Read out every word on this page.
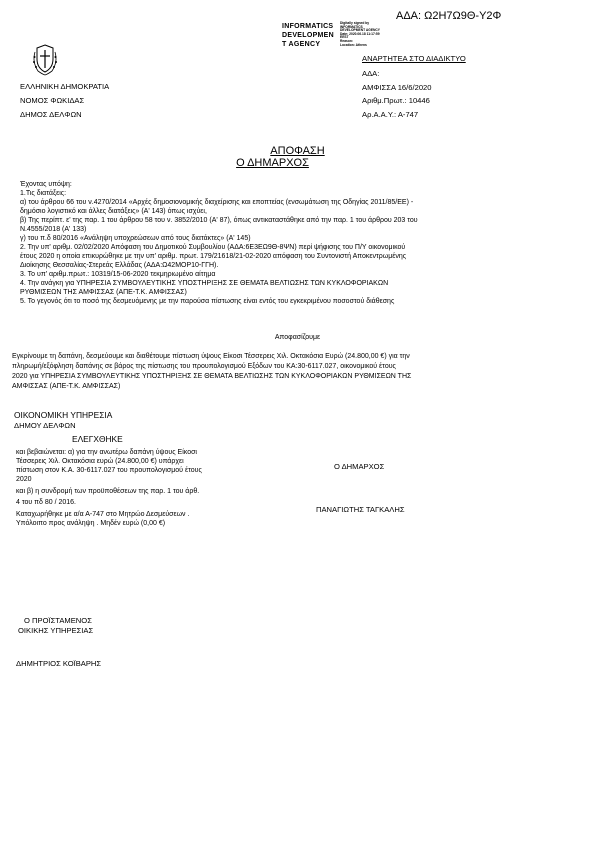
ΑΔΑ: Ω2Η7Ω9Θ-Υ2Φ
INFORMATICS
DEVELOPMEN
T AGENCY
Digitally signed by
INFORMATICS
DEVELOPMENT AGENCY
Date: 2020.06.18 11:17:59
EEST
Reason:
Location: Athens
ΕΛΛΗΝΙΚΗ ΔΗΜΟΚΡΑΤΙΑ
ΝΟΜΟΣ ΦΩΚΙΔΑΣ
ΔΗΜΟΣ ΔΕΛΦΩΝ
ΑΝΑΡΤΗΤΕΑ ΣΤΟ ΔΙΑΔΙΚΤΥΟ
ΑΔΑ:
ΑΜΦΙΣΣΑ 16/6/2020
Αριθμ.Πρωτ.: 10446
Αρ.Α.Α.Υ.: Α-747
ΑΠΟΦΑΣΗ
Ο ΔΗΜΑΡΧΟΣ
Έχοντας υπόψη:
1.Τις διατάξεις:
α) του άρθρου 66 του ν.4270/2014 «Αρχές δημοσιονομικής διαχείρισης και εποπτείας (ενσωμάτωση της Οδηγίας 2011/85/ΕΕ) -
δημόσιο λογιστικό και άλλες διατάξεις» (Α' 143) όπως ισχύει,
β) Της περίπτ. ε' της παρ. 1 του άρθρου 58 του ν. 3852/2010 (Α' 87), όπως αντικαταστάθηκε από την παρ. 1 του άρθρου 203 του
Ν.4555/2018 (Α' 133)
γ) του π.δ 80/2016 «Ανάληψη υποχρεώσεων από τους διατάκτες» (Α' 145)
2. Την υπ' αριθμ. 02/02/2020 Απόφαση του Δημοτικού Συμβουλίου (ΑΔΑ:6Ε3ΕΩ9Θ-8ΨΝ) περί ψήφισης του Π/Υ οικονομικού
έτους 2020 η οποία επικυρώθηκε με την υπ' αριθμ. πρωτ. 179/21618/21-02-2020 απόφαση του Συντονιστή Αποκεντρωμένης
Διοίκησης Θεσσαλίας-Στερεάς Ελλάδας (ΑΔΑ:Ω42ΜΟΡ10-ΓΓΗ).
3. Το υπ' αριθμ.πρωτ.: 10319/15-06-2020 τεκμηριωμένο αίτημα
4. Την ανάγκη για ΥΠΗΡΕΣΙΑ ΣΥΜΒΟΥΛΕΥΤΙΚΗΣ ΥΠΟΣΤΗΡΙΞΗΣ ΣΕ ΘΕΜΑΤΑ ΒΕΛΤΙΩΣΗΣ ΤΩΝ ΚΥΚΛΟΦΟΡΙΑΚΩΝ
ΡΥΘΜΙΣΕΩΝ ΤΗΣ ΑΜΦΙΣΣΑΣ (ΑΠΕ-Τ.Κ. ΑΜΦΙΣΣΑΣ)
5. Το γεγονός ότι το ποσό της δεσμευόμενης με την παρούσα πίστωσης είναι εντός του εγκεκριμένου ποσοστού διάθεσης
Αποφασίζουμε
Εγκρίνουμε τη δαπάνη, δεσμεύουμε και διαθέτουμε πίστωση ύψους Είκοσι Τέσσερεις Χιλ. Οκτακόσια Ευρώ (24.800,00 €) για την
πληρωμή/εξόφληση δαπάνης σε βάρος της πίστωσης του προυπολογισμού Εξόδων του ΚΑ:30-6117.027, οικονομικού έτους
2020 για ΥΠΗΡΕΣΙΑ ΣΥΜΒΟΥΛΕΥΤΙΚΗΣ ΥΠΟΣΤΗΡΙΞΗΣ ΣΕ ΘΕΜΑΤΑ ΒΕΛΤΙΩΣΗΣ ΤΩΝ ΚΥΚΛΟΦΟΡΙΑΚΩΝ ΡΥΘΜΙΣΕΩΝ ΤΗΣ
ΑΜΦΙΣΣΑΣ (ΑΠΕ-Τ.Κ. ΑΜΦΙΣΣΑΣ)
ΟΙΚΟΝΟΜΙΚΗ ΥΠΗΡΕΣΙΑ
ΔΗΜΟΥ ΔΕΛΦΩΝ
ΕΛΕΓΧΘΗΚΕ
και βεβαιώνεται: α) για την ανωτέρω δαπάνη ύψους Είκοσι
Τέσσερεις Χιλ. Οκτακόσια ευρώ (24.800,00 €) υπάρχει
πίστωση στον Κ.Α. 30-6117.027 του προυπολογισμού έτους
2020
και β) η συνδρομή των προϋποθέσεων της παρ. 1 του άρθ.
4 του πδ 80 / 2016.
Καταχωρήθηκε με α/α Α-747 στο Μητρώο Δεσμεύσεων .
Υπόλοιπο προς ανάληψη . Μηδέν ευρώ (0,00 €)
Ο ΔΗΜΑΡΧΟΣ
ΠΑΝΑΓΙΩΤΗΣ ΤΑΓΚΑΛΗΣ
Ο ΠΡΟΪΣΤΑΜΕΝΟΣ
ΟΙΚΙΚΗΣ ΥΠΗΡΕΣΙΑΣ
ΔΗΜΗΤΡΙΟΣ ΚΟΪΒΑΡΗΣ
